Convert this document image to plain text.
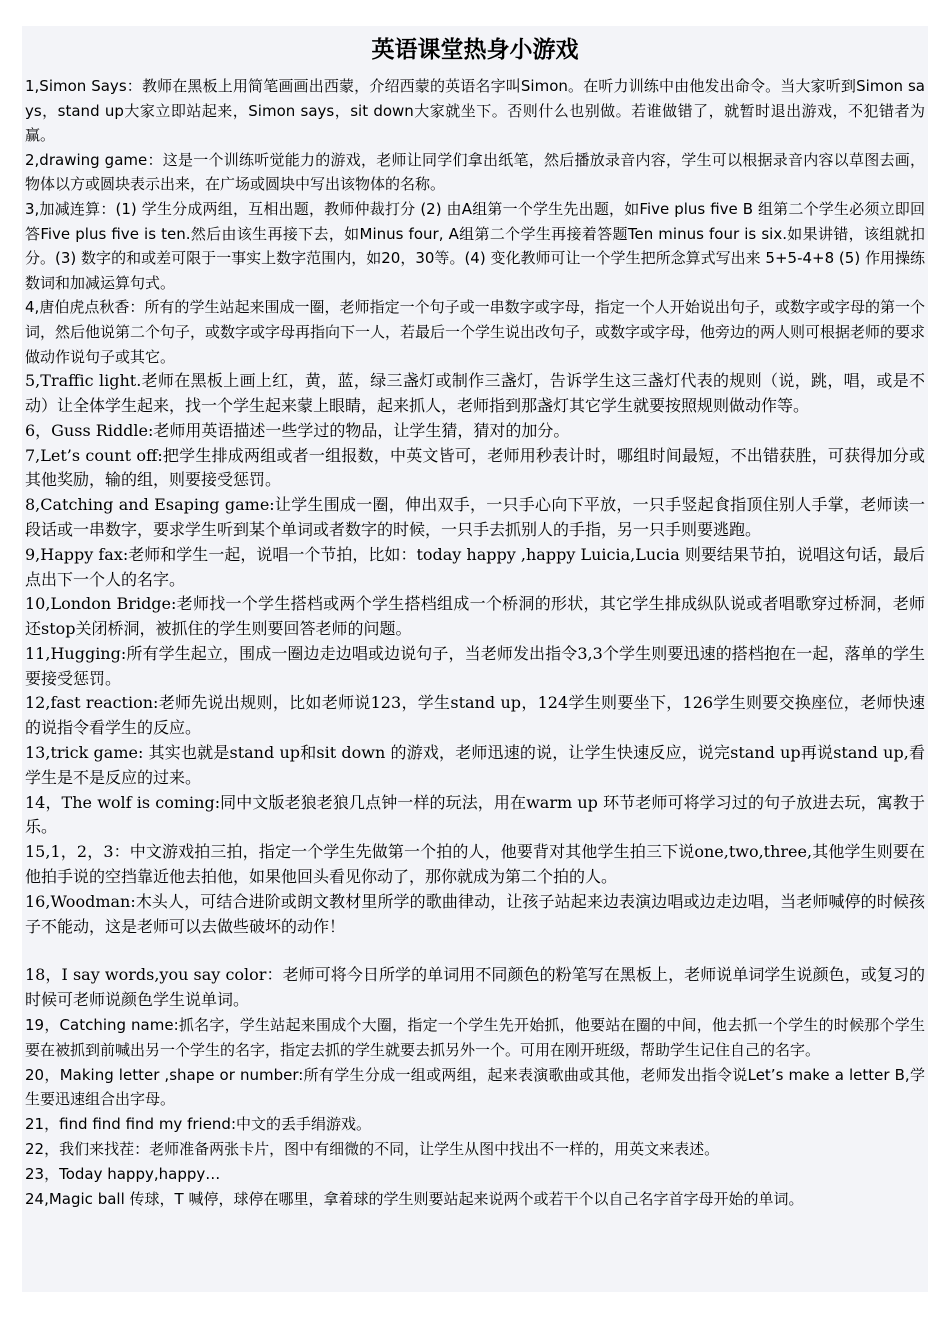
英语课堂热身小游戏

1,Simon Says：教师在黑板上用简笔画画出西蒙，介绍西蒙的英语名字叫Simon。在听力训练中由他发出命令。当大家听到Simon says，stand up大家立即站起来，Simon says，sit down大家就坐下。否则什么也别做。若谁做错了，就暂时退出游戏，不犯错者为赢。

2,drawing game：这是一个训练听觉能力的游戏，老师让同学们拿出纸笔，然后播放录音内容，学生可以根据录音内容以草图去画，物体以方或圆块表示出来，在广场或圆块中写出该物体的名称。

3,加减连算：(1) 学生分成两组，互相出题，教师仲裁打分 (2) 由A组第一个学生先出题，如Five plus five B 组第二个学生必须立即回答Five plus five is ten.然后由该生再接下去，如Minus four, A组第二个学生再接着答题Ten minus four is six.如果讲错，该组就扣分。(3) 数字的和或差可限于一事实上数字范围内，如20，30等。(4) 变化教师可让一个学生把所念算式写出来 5+5-4+8 (5) 作用操练数词和加减运算句式。

4,唐伯虎点秋香：所有的学生站起来围成一圈，老师指定一个句子或一串数字或字母，指定一个人开始说出句子，或数字或字母的第一个词，然后他说第二个句子，或数字或字母再指向下一人，若最后一个学生说出改句子，或数字或字母，他旁边的两人则可根据老师的要求做动作说句子或其它。

5,Traffic light.老师在黑板上画上红，黄，蓝，绿三盏灯或制作三盏灯，告诉学生这三盏灯代表的规则（说，跳，唱，或是不动）让全体学生起来，找一个学生起来蒙上眼睛，起来抓人，老师指到那盏灯其它学生就要按照规则做动作等。

6，Guss Riddle:老师用英语描述一些学过的物品，让学生猜，猜对的加分。

7,Let’s count off:把学生排成两组或者一组报数，中英文皆可，老师用秒表计时，哪组时间最短，不出错获胜，可获得加分或其他奖励，输的组，则要接受惩罚。

8,Catching and Esaping game:让学生围成一圈，伸出双手，一只手心向下平放，一只手竖起食指顶住别人手掌，老师读一段话或一串数字，要求学生听到某个单词或者数字的时候，一只手去抓别人的手指，另一只手则要逃跑。

9,Happy fax:老师和学生一起，说唱一个节拍，比如：today happy ,happy Luicia,Lucia 则要结果节拍，说唱这句话，最后点出下一个人的名字。

10,London Bridge:老师找一个学生搭档或两个学生搭档组成一个桥洞的形状，其它学生排成纵队说或者唱歌穿过桥洞，老师还stop关闭桥洞，被抓住的学生则要回答老师的问题。

11,Hugging:所有学生起立，围成一圈边走边唱或边说句子，当老师发出指令3,3个学生则要迅速的搭档抱在一起，落单的学生要接受惩罚。

12,fast reaction:老师先说出规则，比如老师说123，学生stand up，124学生则要坐下，126学生则要交换座位，老师快速的说指令看学生的反应。

13,trick game: 其实也就是stand up和sit down 的游戏，老师迅速的说，让学生快速反应，说完stand up再说stand up,看学生是不是反应的过来。

14，The wolf is coming:同中文版老狼老狼几点钟一样的玩法，用在warm up 环节老师可将学习过的句子放进去玩，寓教于乐。

15,1，2，3：中文游戏拍三拍，指定一个学生先做第一个拍的人，他要背对其他学生拍三下说one,two,three,其他学生则要在他拍手说的空挡靠近他去拍他，如果他回头看见你动了，那你就成为第二个拍的人。

16,Woodman:木头人，可结合进阶或朗文教材里所学的歌曲律动，让孩子站起来边表演边唱或边走边唱，当老师喊停的时候孩子不能动，这是老师可以去做些破坏的动作！

18，I say words,you say color：老师可将今日所学的单词用不同颜色的粉笔写在黑板上，老师说单词学生说颜色，或复习的时候可老师说颜色学生说单词。

19，Catching name:抓名字，学生站起来围成个大圈，指定一个学生先开始抓，他要站在圈的中间，他去抓一个学生的时候那个学生要在被抓到前喊出另一个学生的名字，指定去抓的学生就要去抓另外一个。可用在刚开班级，帮助学生记住自己的名字。

20，Making letter ,shape or number:所有学生分成一组或两组，起来表演歌曲或其他，老师发出指令说Let’s make a letter B,学生要迅速组合出字母。

21，find find find my friend:中文的丢手绢游戏。

22，我们来找茬：老师准备两张卡片，图中有细微的不同，让学生从图中找出不一样的，用英文来表述。

23，Today happy,happy…

24,Magic ball 传球，T 喊停，球停在哪里，拿着球的学生则要站起来说两个或若干个以自己名字首字母开始的单词。
